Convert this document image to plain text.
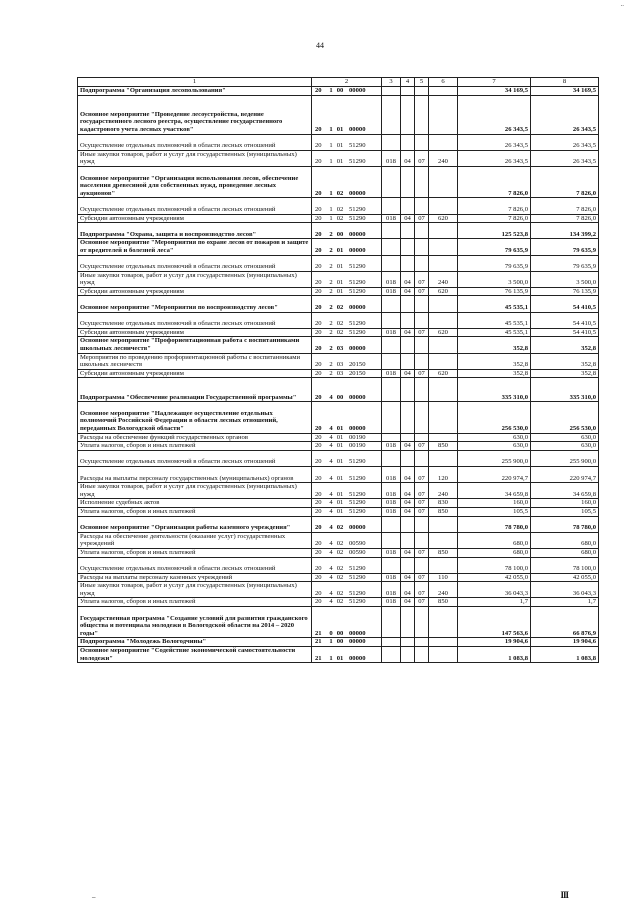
..
44
1	2	3	4	5	6	7	8
Подпрограмма "Организация лесопользования"	20 1 00 00000					34 169,5	34 169,5
Основное мероприятие "Проведение лесоустройства, ведение государственного лесного реестра, осуществление государственного кадастрового учета лесных участков"	20 1 01 00000					26 343,5	26 343,5
Осуществление отдельных полномочий в области лесных отношений	20 1 01 51290					26 343,5	26 343,5
Иные закупки товаров, работ и услуг для государственных (муниципальных) нужд	20 1 01 51290	018	04	07	240	26 343,5	26 343,5
Основное мероприятие "Организация использования лесов, обеспечение населения древесиной для собственных нужд, проведение лесных аукционов"	20 1 02 00000					7 826,0	7 826,0
Осуществление отдельных полномочий в области лесных отношений	20 1 02 51290					7 826,0	7 826,0
Субсидии автономным учреждениям	20 1 02 51290	018	04	07	620	7 826,0	7 826,0
Подпрограмма "Охрана, защита и воспроизводство лесов"	20 2 00 00000					125 523,8	134 399,2
Основное мероприятие "Мероприятия по охране лесов от пожаров и защите от вредителей и болезней леса"	20 2 01 00000					79 635,9	79 635,9
Осуществление отдельных полномочий в области лесных отношений	20 2 01 51290					79 635,9	79 635,9
Иные закупки товаров, работ и услуг для государственных (муниципальных) нужд	20 2 01 51290	018	04	07	240	3 500,0	3 500,0
Субсидии автономным учреждениям	20 2 01 51290	018	04	07	620	76 135,9	76 135,9
Основное мероприятие "Мероприятия по воспроизводству лесов"	20 2 02 00000					45 535,1	54 410,5
Осуществление отдельных полномочий в области лесных отношений	20 2 02 51290					45 535,1	54 410,5
Субсидии автономным учреждениям	20 2 02 51290	018	04	07	620	45 535,1	54 410,5
Основное мероприятие "Профориентационная работа с воспитанниками школьных лесничеств"	20 2 03 00000					352,8	352,8
Мероприятия по проведению профориентационной работы с воспитанниками школьных лесничеств	20 2 03 20150					352,8	352,8
Субсидии автономным учреждениям	20 2 03 20150	018	04	07	620	352,8	352,8
Подпрограмма "Обеспечение реализации Государственной программы"	20 4 00 00000					335 310,0	335 310,0
Основное мероприятие "Надлежащее осуществление отдельных полномочий Российской Федерации в области лесных отношений, переданных Вологодской области"	20 4 01 00000					256 530,0	256 530,0
Расходы на обеспечение функций государственных органов	20 4 01 00190					630,0	630,0
Уплата налогов, сборов и иных платежей	20 4 01 00190	018	04	07	850	630,0	630,0
Осуществление отдельных полномочий в области лесных отношений	20 4 01 51290					255 900,0	255 900,0
Расходы на выплаты персоналу государственных (муниципальных) органов	20 4 01 51290	018	04	07	120	220 974,7	220 974,7
Иные закупки товаров, работ и услуг для государственных (муниципальных) нужд	20 4 01 51290	018	04	07	240	34 659,8	34 659,8
Исполнение судебных актов	20 4 01 51290	018	04	07	830	160,0	160,0
Уплата налогов, сборов и иных платежей	20 4 01 51290	018	04	07	850	105,5	105,5
Основное мероприятие "Организация работы казенного учреждения"	20 4 02 00000					78 780,0	78 780,0
Расходы на обеспечение деятельности (оказание услуг) государственных учреждений	20 4 02 00590					680,0	680,0
Уплата налогов, сборов и иных платежей	20 4 02 00590	018	04	07	850	680,0	680,0
Осуществление отдельных полномочий в области лесных отношений	20 4 02 51290					78 100,0	78 100,0
Расходы на выплаты персоналу казенных учреждений	20 4 02 51290	018	04	07	110	42 055,0	42 055,0
Иные закупки товаров, работ и услуг для государственных (муниципальных) нужд	20 4 02 51290	018	04	07	240	36 043,3	36 043,3
Уплата налогов, сборов и иных платежей	20 4 02 51290	018	04	07	850	1,7	1,7
Государственная программа "Создание условий для развития гражданского общества и потенциала молодежи в Вологодской области на 2014 – 2020 годы"	21 0 00 00000					147 563,6	66 876,9
Подпрограмма "Молодежь Вологодчины"	21 1 00 00000					19 904,6	19 904,6
Основное мероприятие "Содействие экономической самостоятельности молодежи"	21 1 01 00000					1 083,8	1 083,8
–	III
